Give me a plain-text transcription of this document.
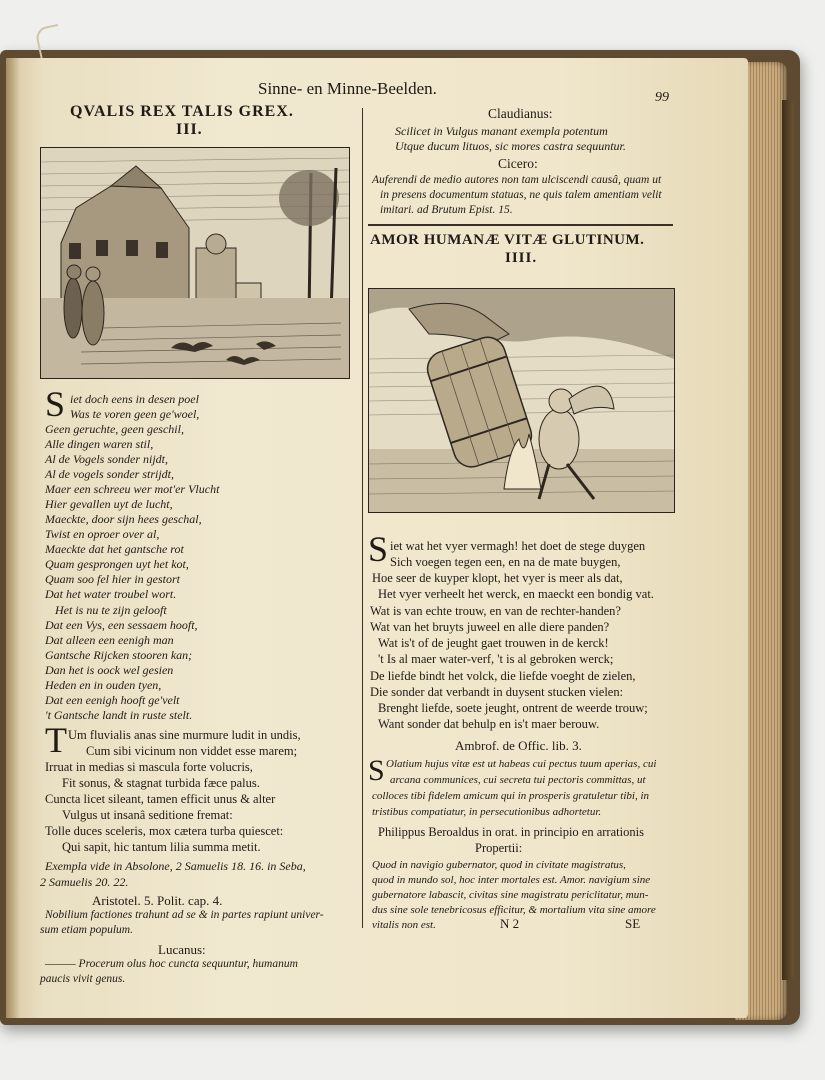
Sinne- en Minne-Beelden.	99

QVALIS REX TALIS GREX.

III.

S iet doch eens in desen poel

Was te voren geen ge'woel,

Geen geruchte, geen geschil,

Alle dingen waren stil,

Al de Vogels sonder nijdt,

Al de vogels sonder strijdt,

Maer een schreeu wer mot'er Vlucht

Hier gevallen uyt de lucht,

Maeckte, door sijn hees geschal,

Twist en oproer over al,

Maeckte dat het gantsche rot

Quam gesprongen uyt het kot,

Quam soo fel hier in gestort

Dat het water troubel wort.

Het is nu te zijn gelooft

Dat een Vys, een sessaem hooft,

Dat alleen een eenigh man

Gantsche Rijcken stooren kan;

Dan het is oock wel gesien

Heden en in ouden tyen,

Dat een eenigh hooft ge'velt

't Gantsche landt in ruste stelt.

T Um fluvialis anas sine murmure ludit in undis,

Cum sibi vicinum non viddet esse marem;

Irruat in medias si masculа forte volucris,

Fit sonus, & stagnat turbida fæce palus.

Cuncta licet sileant, tamen efficit unus & alter

Vulgus ut insanâ seditione fremat:

Tolle duces sceleris, mox cætera turba quiescet:

Qui sapit, hic tantum lilia summa metit.

Exempla vide in Absolone, 2 Samuelis 18. 16. in Seba,

2 Samuelis 20. 22.

Aristotel. 5. Polit. cap. 4.

Nobilium factiones trahunt ad se & in partes rapiunt univer-

sum etiam populum.

Lucanus:

——— Procerum olus hoc cuncta sequuntur, humanum

paucis vivit genus.

Claudianus:

Scilicet in Vulgus manant exempla potentum

Utque ducum lituos, sic mores castra sequuntur.

Cicero:

Auferendi de medio autores non tam ulciscendi causâ, quam ut

in presens documentum statuas, ne quis talem amentiam velit

imitari. ad Brutum Epist. 15.

AMOR HUMANÆ VITÆ GLUTINUM.

IIII.

S iet wat het vyer vermagh! het doet de stege duygen

Sich voegen tegen een, en na de mate buygen,

Hoe seer de kuyper klopt, het vyer is meer als dat,

Het vyer verheelt het werck, en maeckt een bondig vat.

Wat is van echte trouw, en van de rechter-handen?

Wat van het bruyts juweel en alle diere panden?

Wat is't of de jeught gaet trouwen in de kerck!

't Is al maer water-verf, 't is al gebroken werck;

De liefde bindt het volck, die liefde voeght de zielen,

Die sonder dat verbandt in duysent stucken vielen:

Brenght liefde, soete jeught, ontrent de weerde trouw;

Want sonder dat behulp en is't maer berouw.

Ambrof. de Offic. lib. 3.

S Olatium hujus vitæ est ut habeas cui pectus tuum aperias, cui

arcana communices, cui secreta tui pectoris committas, ut

colloces tibi fidelem amicum qui in prosperis gratuletur tibi, in

tristibus compatiatur, in persecutionibus adhortetur.

Philippus Beroaldus in orat. in principio en arrationis

Propertii:

Quod in navigio gubernator, quod in civitate magistratus,

quod in mundo sol, hoc inter mortales est. Amor. navigium sine

gubernatore labascit, civitas sine magistratu periclitatur, mun-

dus sine sole tenebricosus efficitur, & mortalium vita sine amore

vitalis non est.	N 2	SE
